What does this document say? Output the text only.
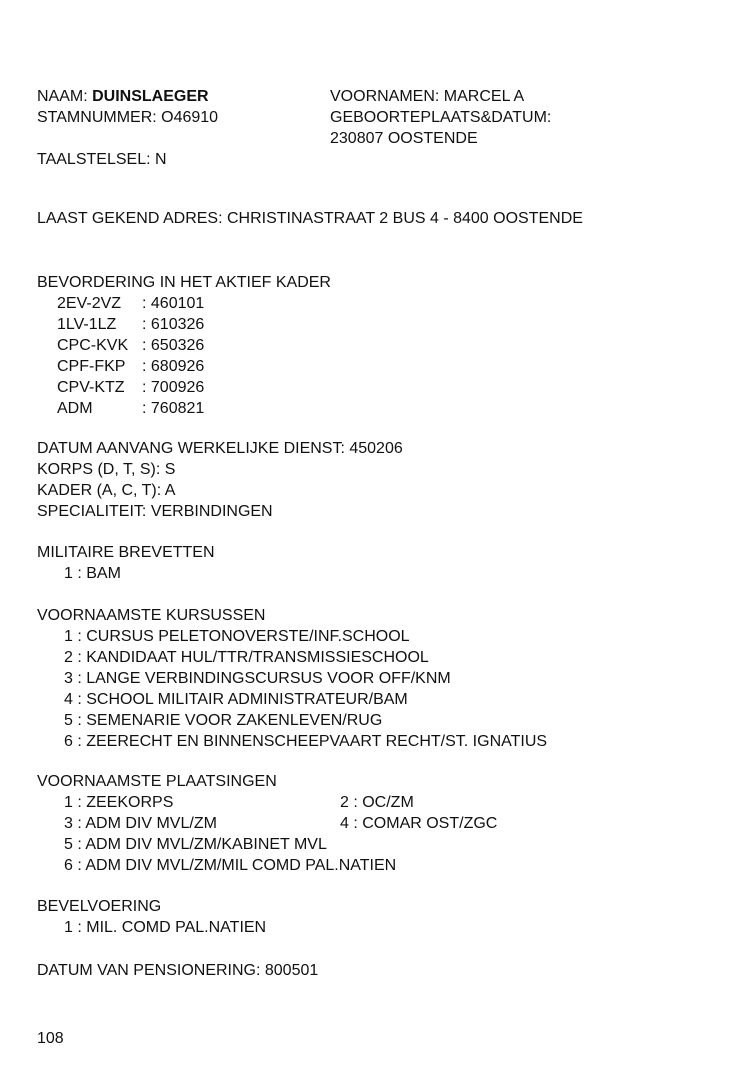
NAAM: DUINSLAEGER
STAMNUMMER: O46910
VOORNAMEN: MARCEL A
GEBOORTEPLAATS&DATUM:
230807 OOSTENDE
TAALSTELSEL: N
LAAST GEKEND ADRES: CHRISTINASTRAAT 2 BUS 4 - 8400 OOSTENDE
BEVORDERING IN HET AKTIEF KADER
2EV-2VZ : 460101
1LV-1LZ : 610326
CPC-KVK : 650326
CPF-FKP : 680926
CPV-KTZ : 700926
ADM	: 760821
DATUM AANVANG WERKELIJKE DIENST: 450206
KORPS (D, T, S): S
KADER (A, C, T): A
SPECIALITEIT: VERBINDINGEN
MILITAIRE BREVETTEN
1 : BAM
VOORNAAMSTE KURSUSSEN
1 : CURSUS PELETONOVERSTE/INF.SCHOOL
2 : KANDIDAAT HUL/TTR/TRANSMISSIESCHOOL
3 : LANGE VERBINDINGSCURSUS VOOR OFF/KNM
4 : SCHOOL MILITAIR ADMINISTRATEUR/BAM
5 : SEMENARIE VOOR ZAKENLEVEN/RUG
6 : ZEERECHT EN BINNENSCHEEPVAART RECHT/ST. IGNATIUS
VOORNAAMSTE PLAATSINGEN
1 : ZEEKORPS	2 : OC/ZM
3 : ADM DIV MVL/ZM	4 : COMAR OST/ZGC
5 : ADM DIV MVL/ZM/KABINET MVL
6 : ADM DIV MVL/ZM/MIL COMD PAL.NATIEN
BEVELVOERING
1 : MIL. COMD PAL.NATIEN
DATUM VAN PENSIONERING: 800501
108
